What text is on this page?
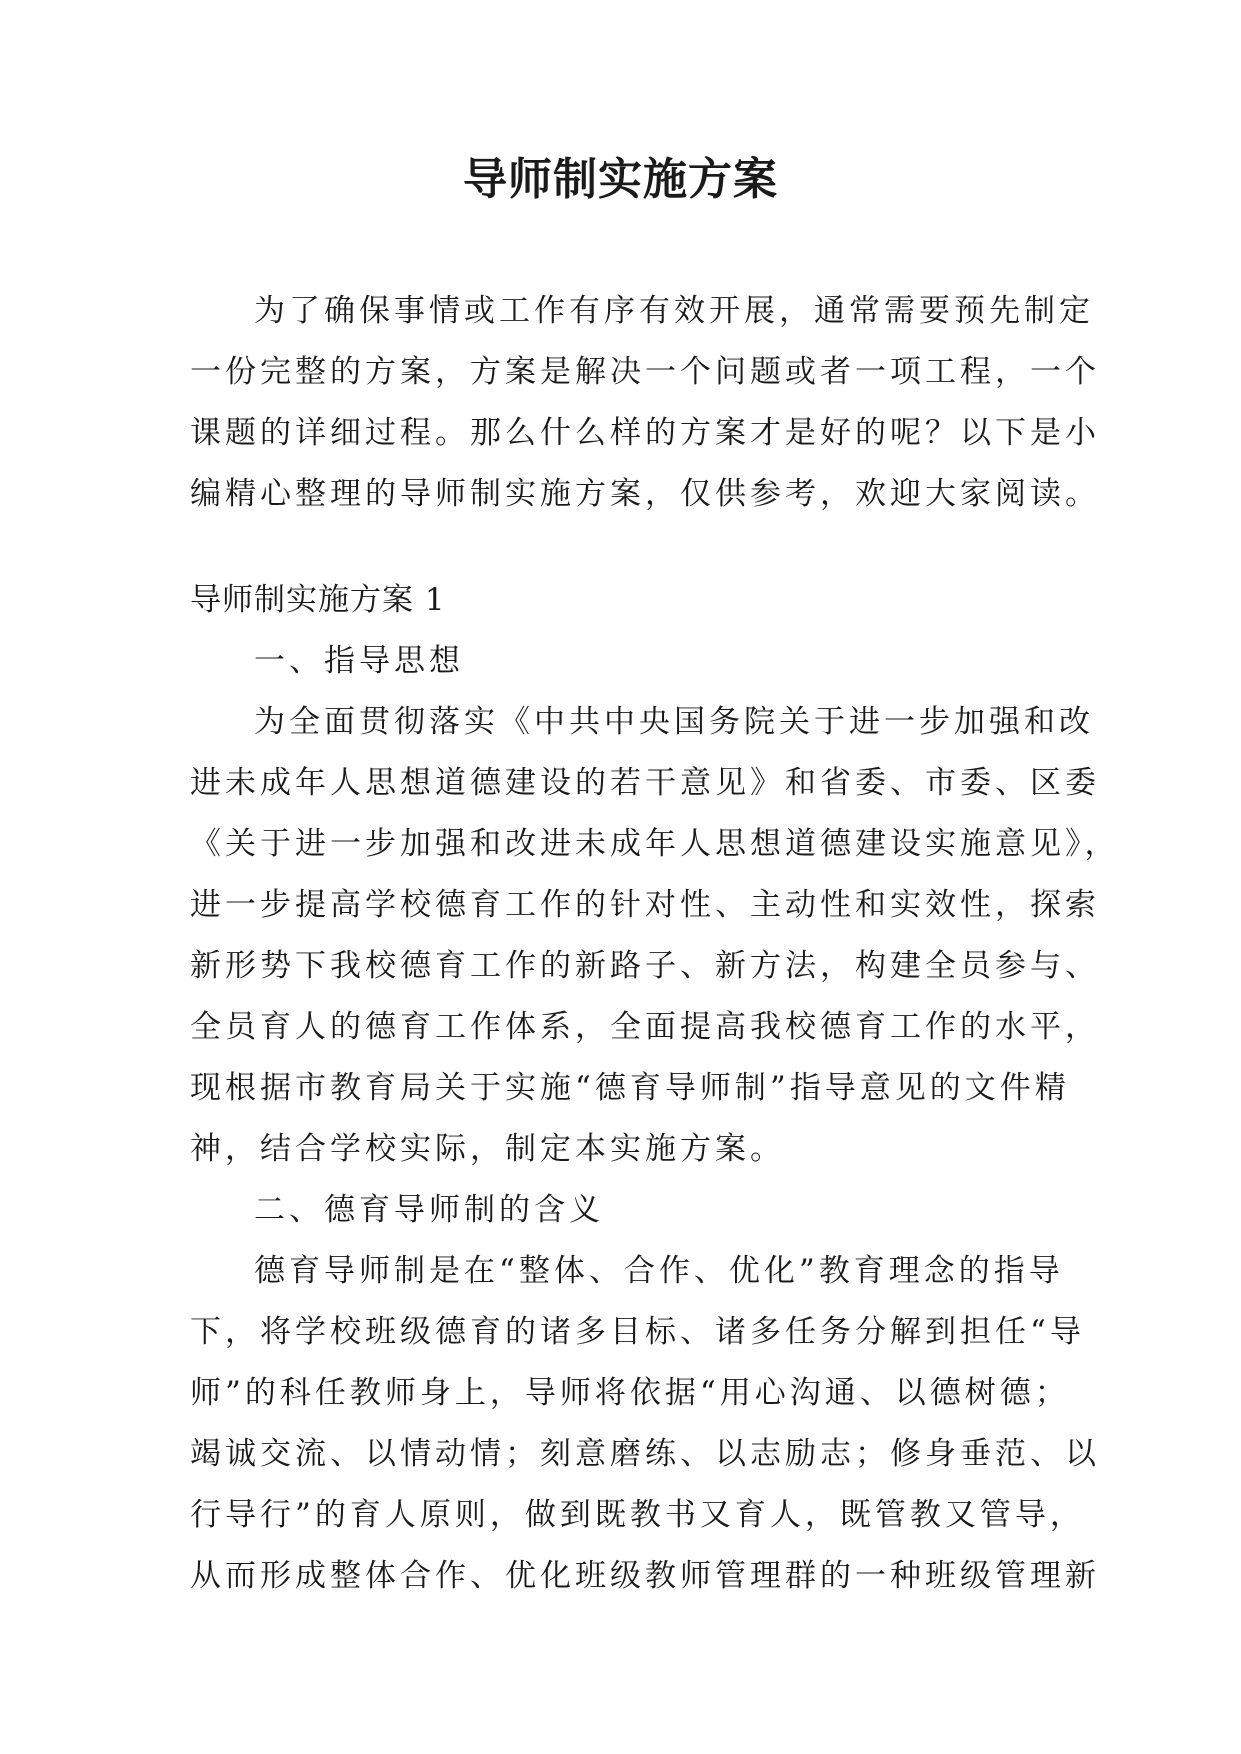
导师制实施方案

为了确保事情或工作有序有效开展，通常需要预先制定
一份完整的方案，方案是解决一个问题或者一项工程，一个
课题的详细过程。那么什么样的方案才是好的呢？以下是小
编精心整理的导师制实施方案，仅供参考，欢迎大家阅读。

导师制实施方案 1

一、指导思想

为全面贯彻落实《中共中央国务院关于进一步加强和改
进未成年人思想道德建设的若干意见》和省委、市委、区委
《关于进一步加强和改进未成年人思想道德建设实施意见》，
进一步提高学校德育工作的针对性、主动性和实效性，探索
新形势下我校德育工作的新路子、新方法，构建全员参与、
全员育人的德育工作体系，全面提高我校德育工作的水平，
现根据市教育局关于实施“德育导师制”指导意见的文件精
神，结合学校实际，制定本实施方案。

二、德育导师制的含义

德育导师制是在“整体、合作、优化”教育理念的指导
下，将学校班级德育的诸多目标、诸多任务分解到担任“导
师”的科任教师身上，导师将依据“用心沟通、以德树德；
竭诚交流、以情动情；刻意磨练、以志励志；修身垂范、以
行导行”的育人原则，做到既教书又育人，既管教又管导，
从而形成整体合作、优化班级教师管理群的一种班级管理新
